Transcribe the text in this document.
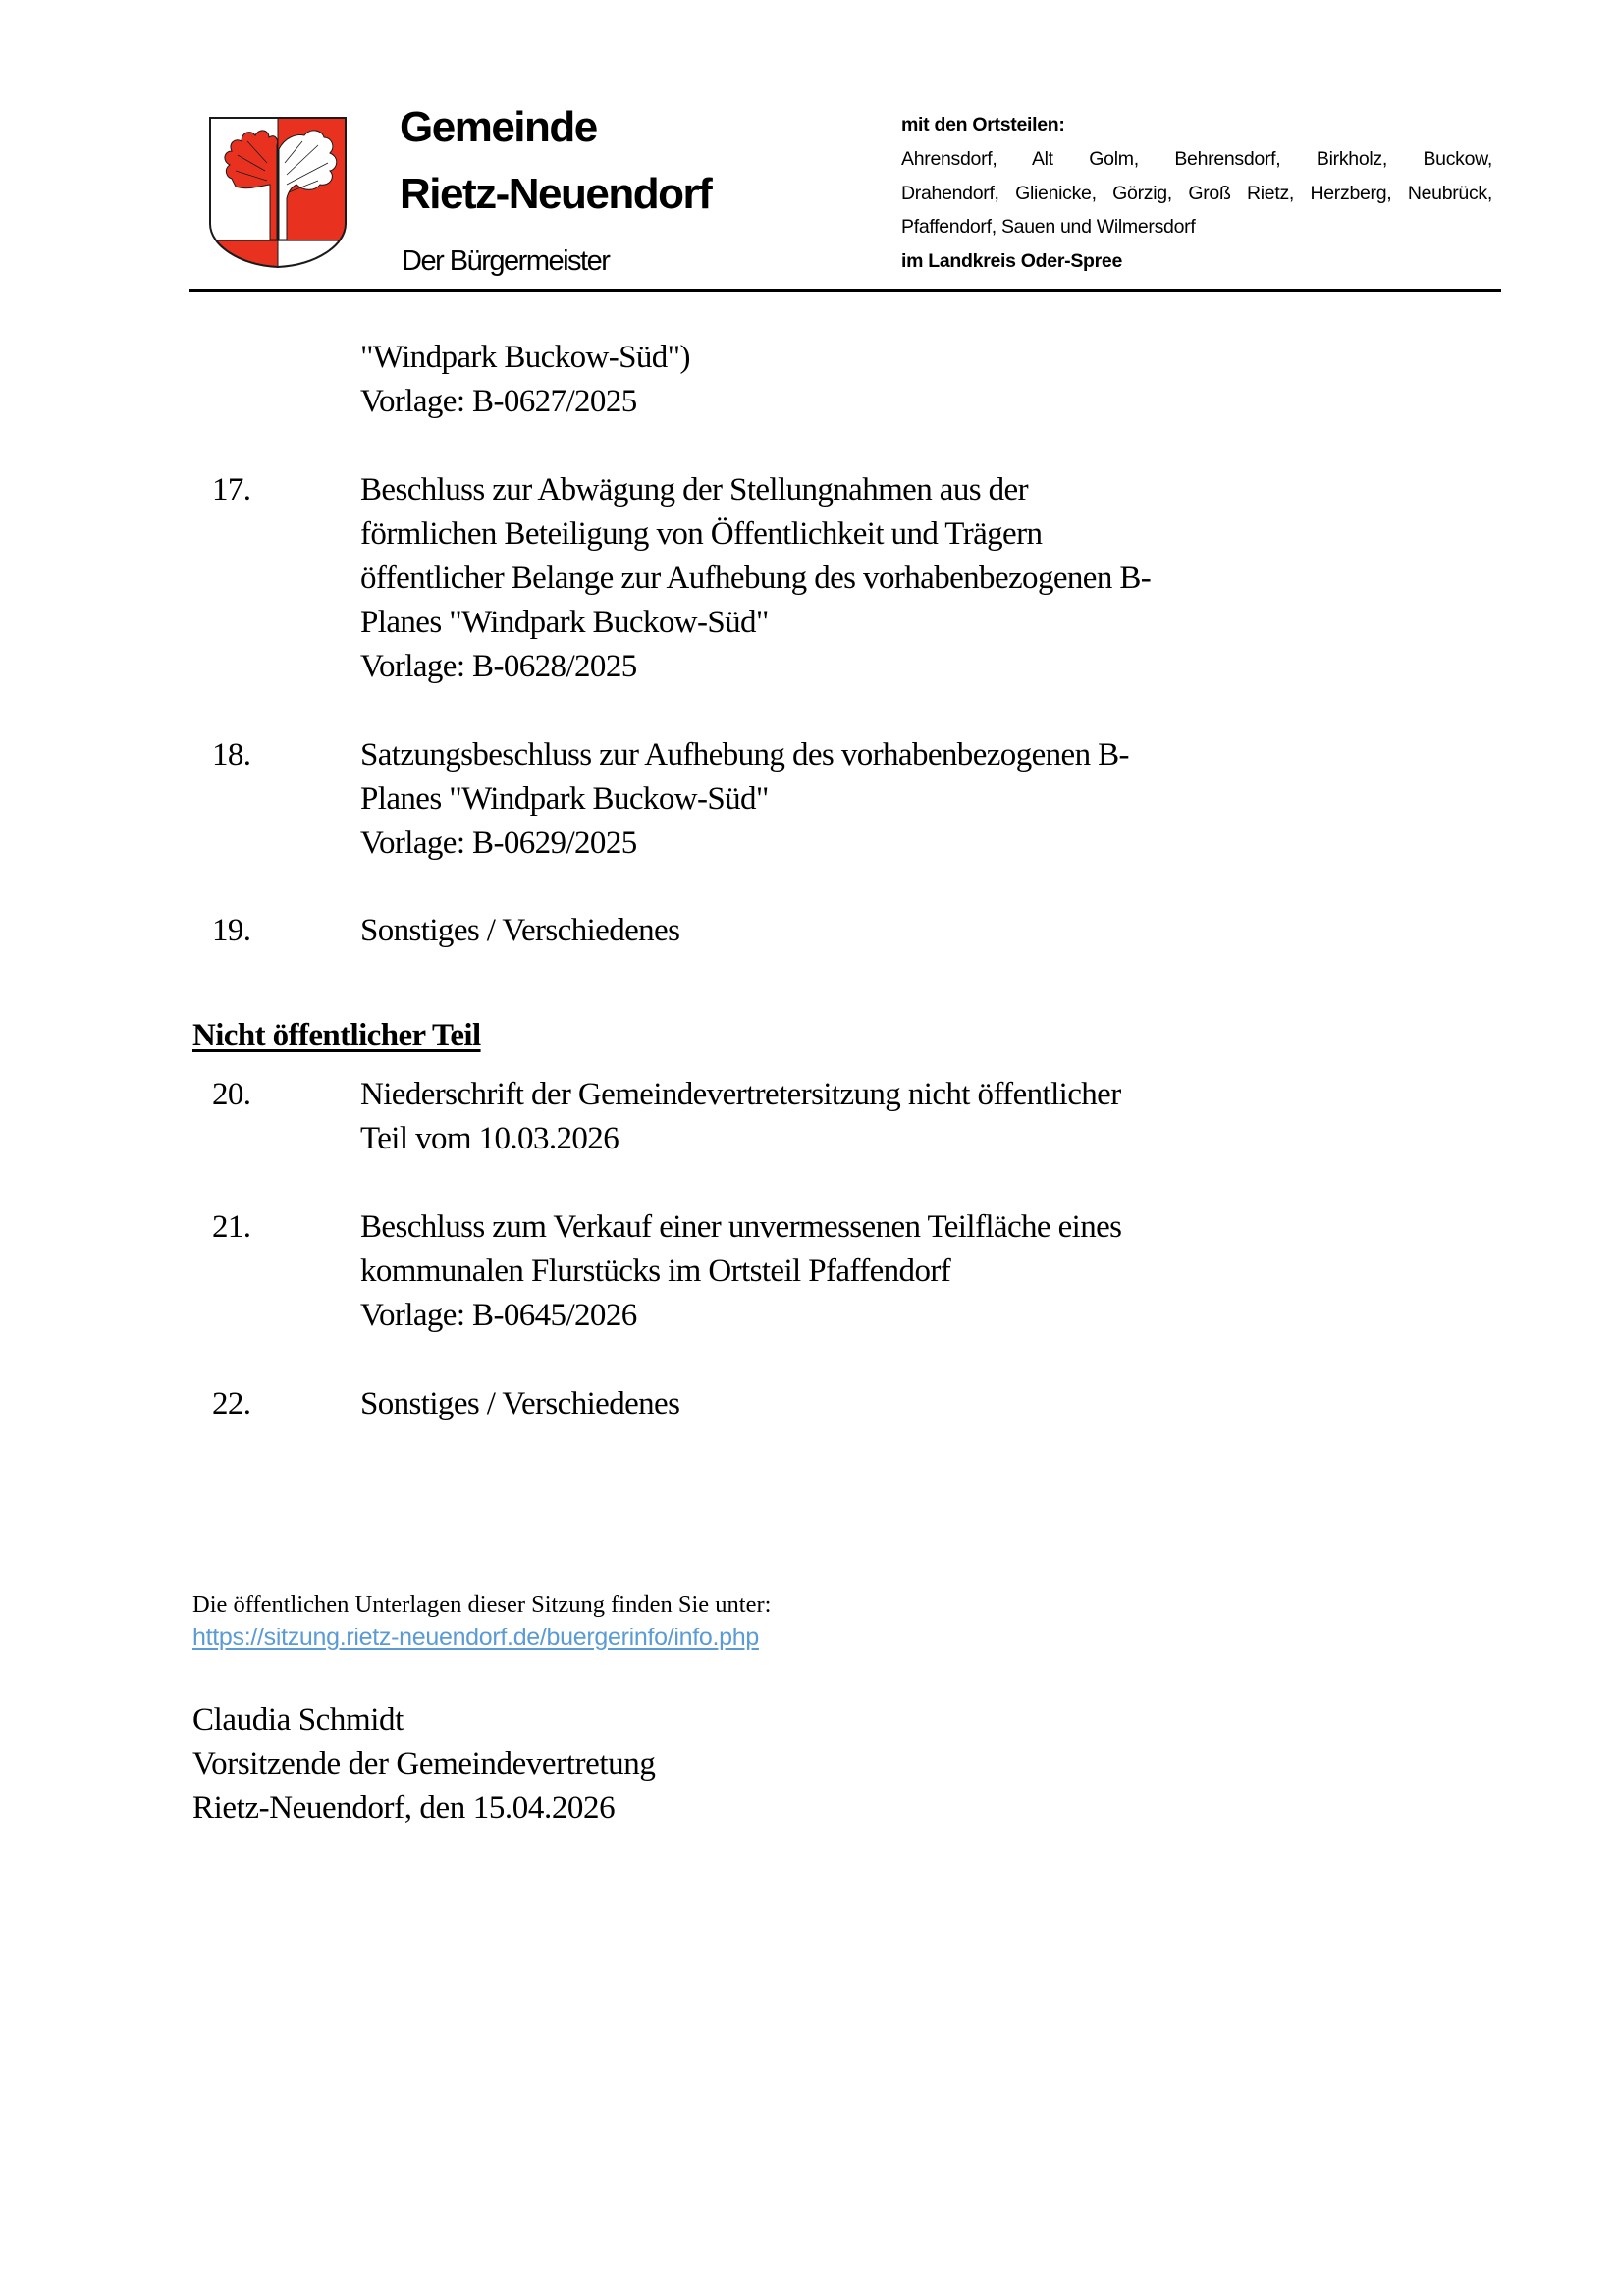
Gemeinde
Rietz-Neuendorf
Der Bürgermeister
mit den Ortsteilen:
Ahrensdorf, Alt Golm, Behrensdorf, Birkholz, Buckow,
Drahendorf, Glienicke, Görzig, Groß Rietz, Herzberg, Neubrück,
Pfaffendorf, Sauen und Wilmersdorf
im Landkreis Oder-Spree
"Windpark Buckow-Süd")
Vorlage: B-0627/2025
17.	Beschluss zur Abwägung der Stellungnahmen aus der
förmlichen Beteiligung von Öffentlichkeit und Trägern
öffentlicher Belange zur Aufhebung des vorhabenbezogenen B-
Planes "Windpark Buckow-Süd"
Vorlage: B-0628/2025
18.	Satzungsbeschluss zur Aufhebung des vorhabenbezogenen B-
Planes "Windpark Buckow-Süd"
Vorlage: B-0629/2025
19.	Sonstiges / Verschiedenes
Nicht öffentlicher Teil
20.	Niederschrift der Gemeindevertretersitzung nicht öffentlicher
Teil vom 10.03.2026
21.	Beschluss zum Verkauf einer unvermessenen Teilfläche eines
kommunalen Flurstücks im Ortsteil Pfaffendorf
Vorlage: B-0645/2026
22.	Sonstiges / Verschiedenes
Die öffentlichen Unterlagen dieser Sitzung finden Sie unter:
https://sitzung.rietz-neuendorf.de/buergerinfo/info.php
Claudia Schmidt
Vorsitzende der Gemeindevertretung
Rietz-Neuendorf, den 15.04.2026
